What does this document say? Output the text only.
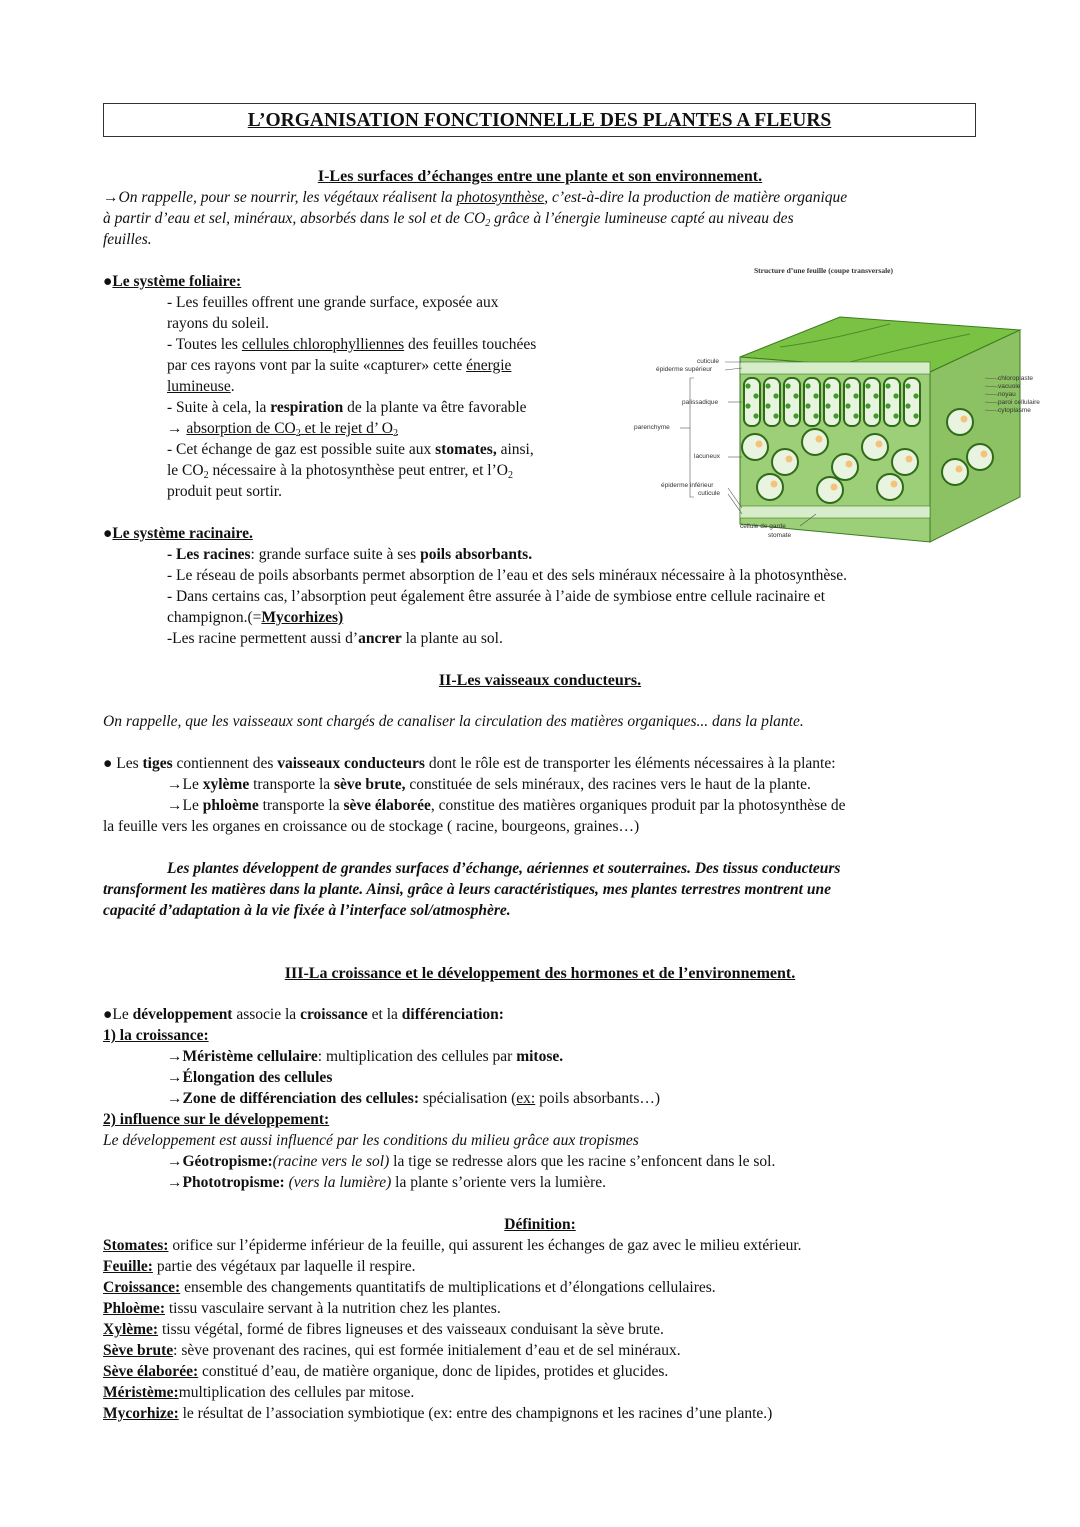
L’ORGANISATION FONCTIONNELLE DES PLANTES A FLEURS
I-Les surfaces d’échanges entre une plante et son environnement.
→On rappelle, pour se nourrir, les végétaux réalisent la photosynthèse, c’est-à-dire la production de matière organique
à partir d’eau et sel, minéraux, absorbés dans le sol et de $CO_2$ grâce à l’énergie lumineuse capté au niveau des
feuilles.
●Le système foliaire:
- Les feuilles offrent une grande surface, exposée aux
rayons du soleil.
- Toutes les cellules chlorophylliennes des feuilles touchées
par ces rayons vont par la suite «capturer» cette énergie
lumineuse.
- Suite à cela, la respiration de la plante va être favorable
→ absorption de $CO_2$ et le rejet d’ $O_2$
- Cet échange de gaz est possible suite aux stomates, ainsi,
le $CO_2$ nécessaire à la photosynthèse peut entrer, et $l’O_2$
produit peut sortir.
Structure d’une feuille (coupe transversale)
cuticule
épiderme supérieur
palissadique
parenchyme
lacuneux
épiderme inférieur
cuticule
chloroplaste
vacuole
noyau
paroi cellulaire
cytoplasme
cellule de garde
stomate
●Le système racinaire.
- Les racines: grande surface suite à ses poils absorbants.
- Le réseau de poils absorbants permet absorption de l’eau et des sels minéraux nécessaire à la photosynthèse.
- Dans certains cas, l’absorption peut également être assurée à l’aide de symbiose entre cellule racinaire et
champignon.(=Mycorhizes)
-Les racine permettent aussi d’ancrer la plante au sol.
II-Les vaisseaux conducteurs.
On rappelle, que les vaisseaux sont chargés de canaliser la circulation des matières organiques... dans la plante.
● Les tiges contiennent des vaisseaux conducteurs dont le rôle est de transporter les éléments nécessaires à la plante:
→Le xylème transporte la sève brute, constituée de sels minéraux, des racines vers le haut de la plante.
→Le phloème transporte la sève élaborée, constitue des matières organiques produit par la photosynthèse de
la feuille vers les organes en croissance ou de stockage ( racine, bourgeons, graines…)
Les plantes développent de grandes surfaces d’échange, aériennes et souterraines. Des tissus conducteurs
transforment les matières dans la plante. Ainsi, grâce à leurs caractéristiques, mes plantes terrestres montrent une
capacité d’adaptation à la vie fixée à l’interface sol/atmosphère.
III-La croissance et le développement des hormones et de l’environnement.
●Le développement associe la croissance et la différenciation:
1) la croissance:
→Méristème cellulaire: multiplication des cellules par mitose.
→Élongation des cellules
→Zone de différenciation des cellules: spécialisation (ex: poils absorbants…)
2) influence sur le développement:
Le développement est aussi influencé par les conditions du milieu grâce aux tropismes
→Géotropisme:(racine vers le sol) la tige se redresse alors que les racine s’enfoncent dans le sol.
→Phototropisme: (vers la lumière) la plante s’oriente vers la lumière.
Définition:
Stomates: orifice sur l’épiderme inférieur de la feuille, qui assurent les échanges de gaz avec le milieu extérieur.
Feuille: partie des végétaux par laquelle il respire.
Croissance: ensemble des changements quantitatifs de multiplications et d’élongations cellulaires.
Phloème: tissu vasculaire servant à la nutrition chez les plantes.
Xylème: tissu végétal, formé de fibres ligneuses et des vaisseaux conduisant la sève brute.
Sève brute: sève provenant des racines, qui est formée initialement d’eau et de sel minéraux.
Sève élaborée: constitué d’eau, de matière organique, donc de lipides, protides et glucides.
Méristème:multiplication des cellules par mitose.
Mycorhize: le résultat de l’association symbiotique (ex: entre des champignons et les racines d’une plante.)
